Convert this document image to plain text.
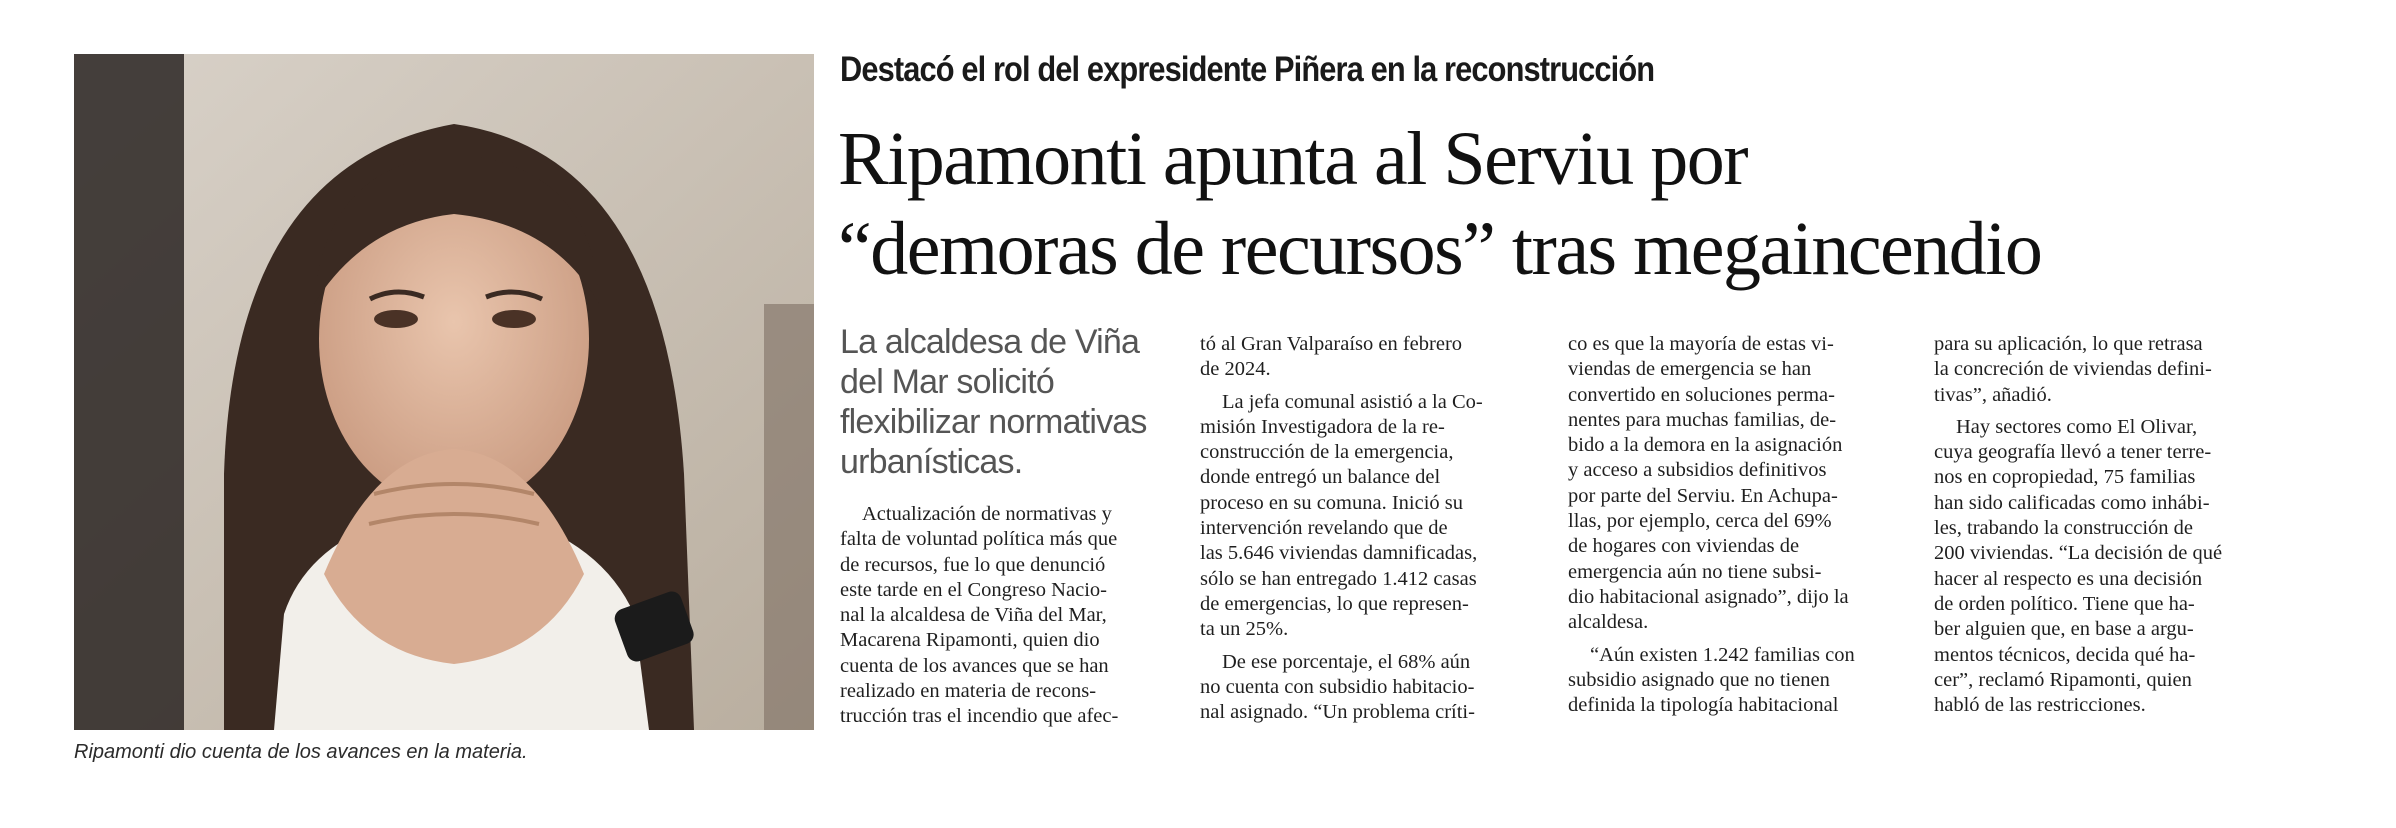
Ripamonti dio cuenta de los avances en la materia.
Destacó el rol del expresidente Piñera en la reconstrucción
Ripamonti apunta al Serviu por
“demoras de recursos” tras megaincendio
La alcaldesa de Viña
del Mar solicitó
flexibilizar normativas
urbanísticas.
Actualización de normativas y
falta de voluntad política más que
de recursos, fue lo que denunció
este tarde en el Congreso Nacio-
nal la alcaldesa de Viña del Mar,
Macarena Ripamonti, quien dio
cuenta de los avances que se han
realizado en materia de recons-
trucción tras el incendio que afec-
tó al Gran Valparaíso en febrero
de 2024.
La jefa comunal asistió a la Co-
misión Investigadora de la re-
construcción de la emergencia,
donde entregó un balance del
proceso en su comuna. Inició su
intervención revelando que de
las 5.646 viviendas damnificadas,
sólo se han entregado 1.412 casas
de emergencias, lo que represen-
ta un 25%.
De ese porcentaje, el 68% aún
no cuenta con subsidio habitacio-
nal asignado. “Un problema críti-
co es que la mayoría de estas vi-
viendas de emergencia se han
convertido en soluciones perma-
nentes para muchas familias, de-
bido a la demora en la asignación
y acceso a subsidios definitivos
por parte del Serviu. En Achupa-
llas, por ejemplo, cerca del 69%
de hogares con viviendas de
emergencia aún no tiene subsi-
dio habitacional asignado”, dijo la
alcaldesa.
“Aún existen 1.242 familias con
subsidio asignado que no tienen
definida la tipología habitacional
para su aplicación, lo que retrasa
la concreción de viviendas defini-
tivas”, añadió.
Hay sectores como El Olivar,
cuya geografía llevó a tener terre-
nos en copropiedad, 75 familias
han sido calificadas como inhábi-
les, trabando la construcción de
200 viviendas. “La decisión de qué
hacer al respecto es una decisión
de orden político. Tiene que ha-
ber alguien que, en base a argu-
mentos técnicos, decida qué ha-
cer”, reclamó Ripamonti, quien
habló de las restricciones.
